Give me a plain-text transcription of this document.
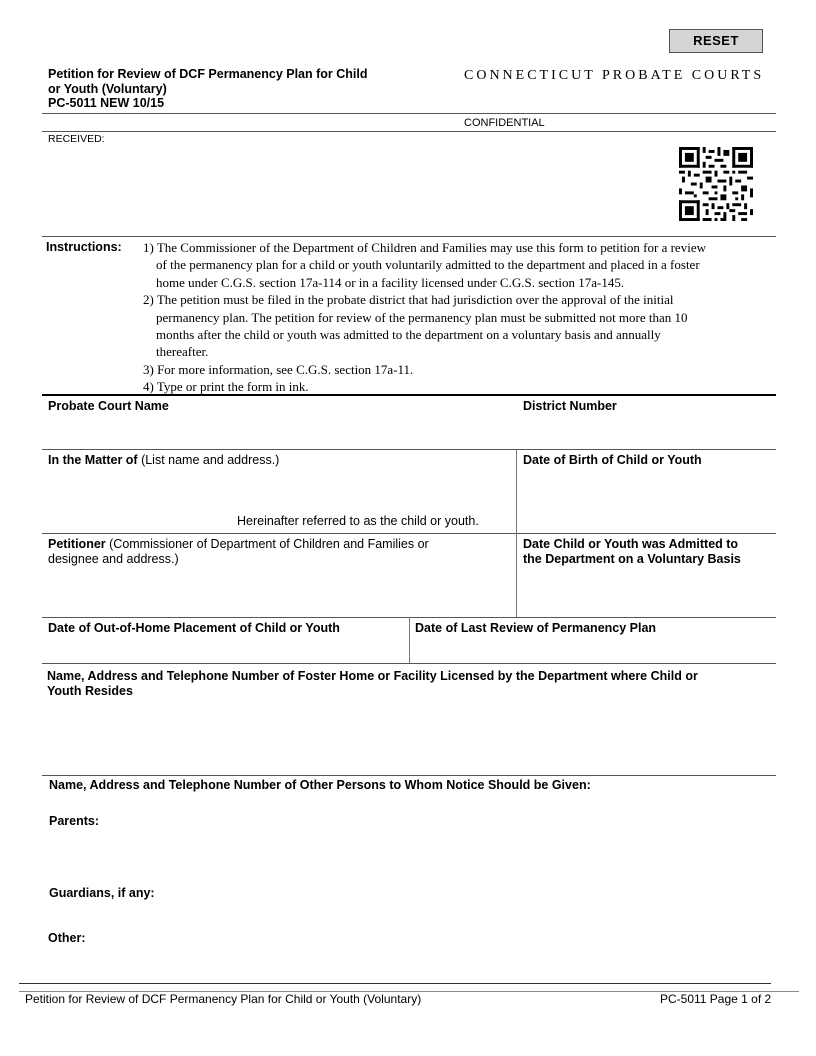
RESET
Petition for Review of DCF Permanency Plan for Child
or Youth (Voluntary)
PC-5011 NEW 10/15
CONNECTICUT PROBATE COURTS
CONFIDENTIAL
RECEIVED:
Instructions: 1) The Commissioner of the Department of Children and Families may use this form to petition for a review
of the permanency plan for a child or youth voluntarily admitted to the department and placed in a foster
home under C.G.S. section 17a-114 or in a facility licensed under C.G.S. section 17a-145.
2) The petition must be filed in the probate district that had jurisdiction over the approval of the initial
permanency plan. The petition for review of the permanency plan must be submitted not more than 10
months after the child or youth was admitted to the department on a voluntary basis and annually
thereafter.
3) For more information, see C.G.S. section 17a-11.
4) Type or print the form in ink.
Probate Court Name	District Number
In the Matter of (List name and address.)
Hereinafter referred to as the child or youth.
Date of Birth of Child or Youth
Petitioner (Commissioner of Department of Children and Families or
designee and address.)
Date Child or Youth was Admitted to
the Department on a Voluntary Basis
Date of Out-of-Home Placement of Child or Youth	Date of Last Review of Permanency Plan
Name, Address and Telephone Number of Foster Home or Facility Licensed by the Department where Child or
Youth Resides
Name, Address and Telephone Number of Other Persons to Whom Notice Should be Given:
Parents:
Guardians, if any:
Other:
Petition for Review of DCF Permanency Plan for Child or Youth (Voluntary)	PC-5011 Page 1 of 2
